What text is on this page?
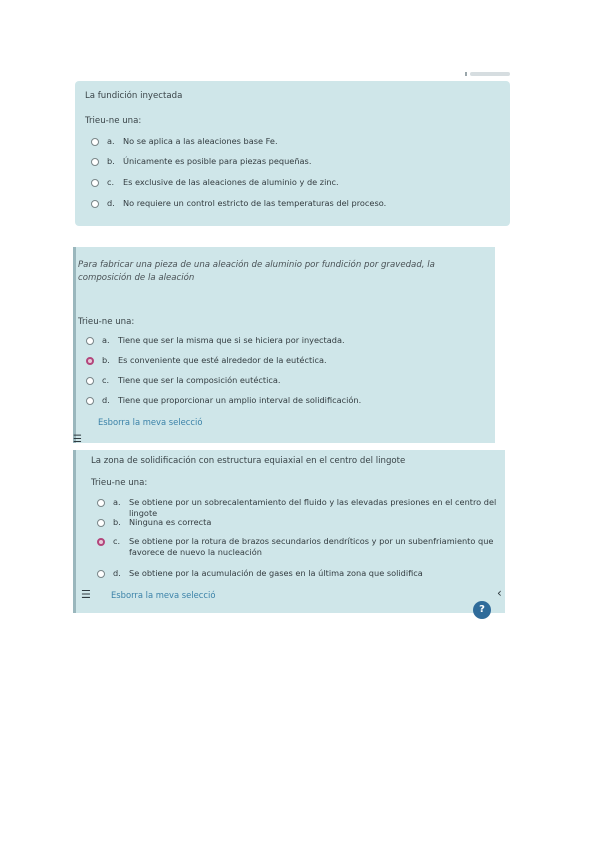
La fundición inyectada
Trieu-ne una:
a.	No se aplica a las aleaciones base Fe.
b. Únicamente es posible para piezas pequeñas.
c.	Es exclusive de las aleaciones de aluminio y de zinc.
d. No requiere un control estricto de las temperaturas del proceso.
Para fabricar una pieza de una aleación de aluminio por fundición por gravedad, la composición de la aleación
Trieu-ne una:
a.	Tiene que ser la misma que si se hiciera por inyectada.
b. Es conveniente que esté alrededor de la eutéctica.
c.	Tiene que ser la composición eutéctica.
d. Tiene que proporcionar un amplio interval de solidificación.
Esborra la meva selecció
☰
La zona de solidificación con estructura equiaxial en el centro del lingote
Trieu-ne una:
a.	Se obtiene por un sobrecalentamiento del fluido y las elevadas presiones en el centro del lingote
b. Ninguna es correcta
c.	Se obtiene por la rotura de brazos secundarios dendríticos y por un subenfriamiento que favorece de nuevo la nucleación
d. Se obtiene por la acumulación de gases en la última zona que solidifica
☰ Esborra la meva selecció	‹
?
